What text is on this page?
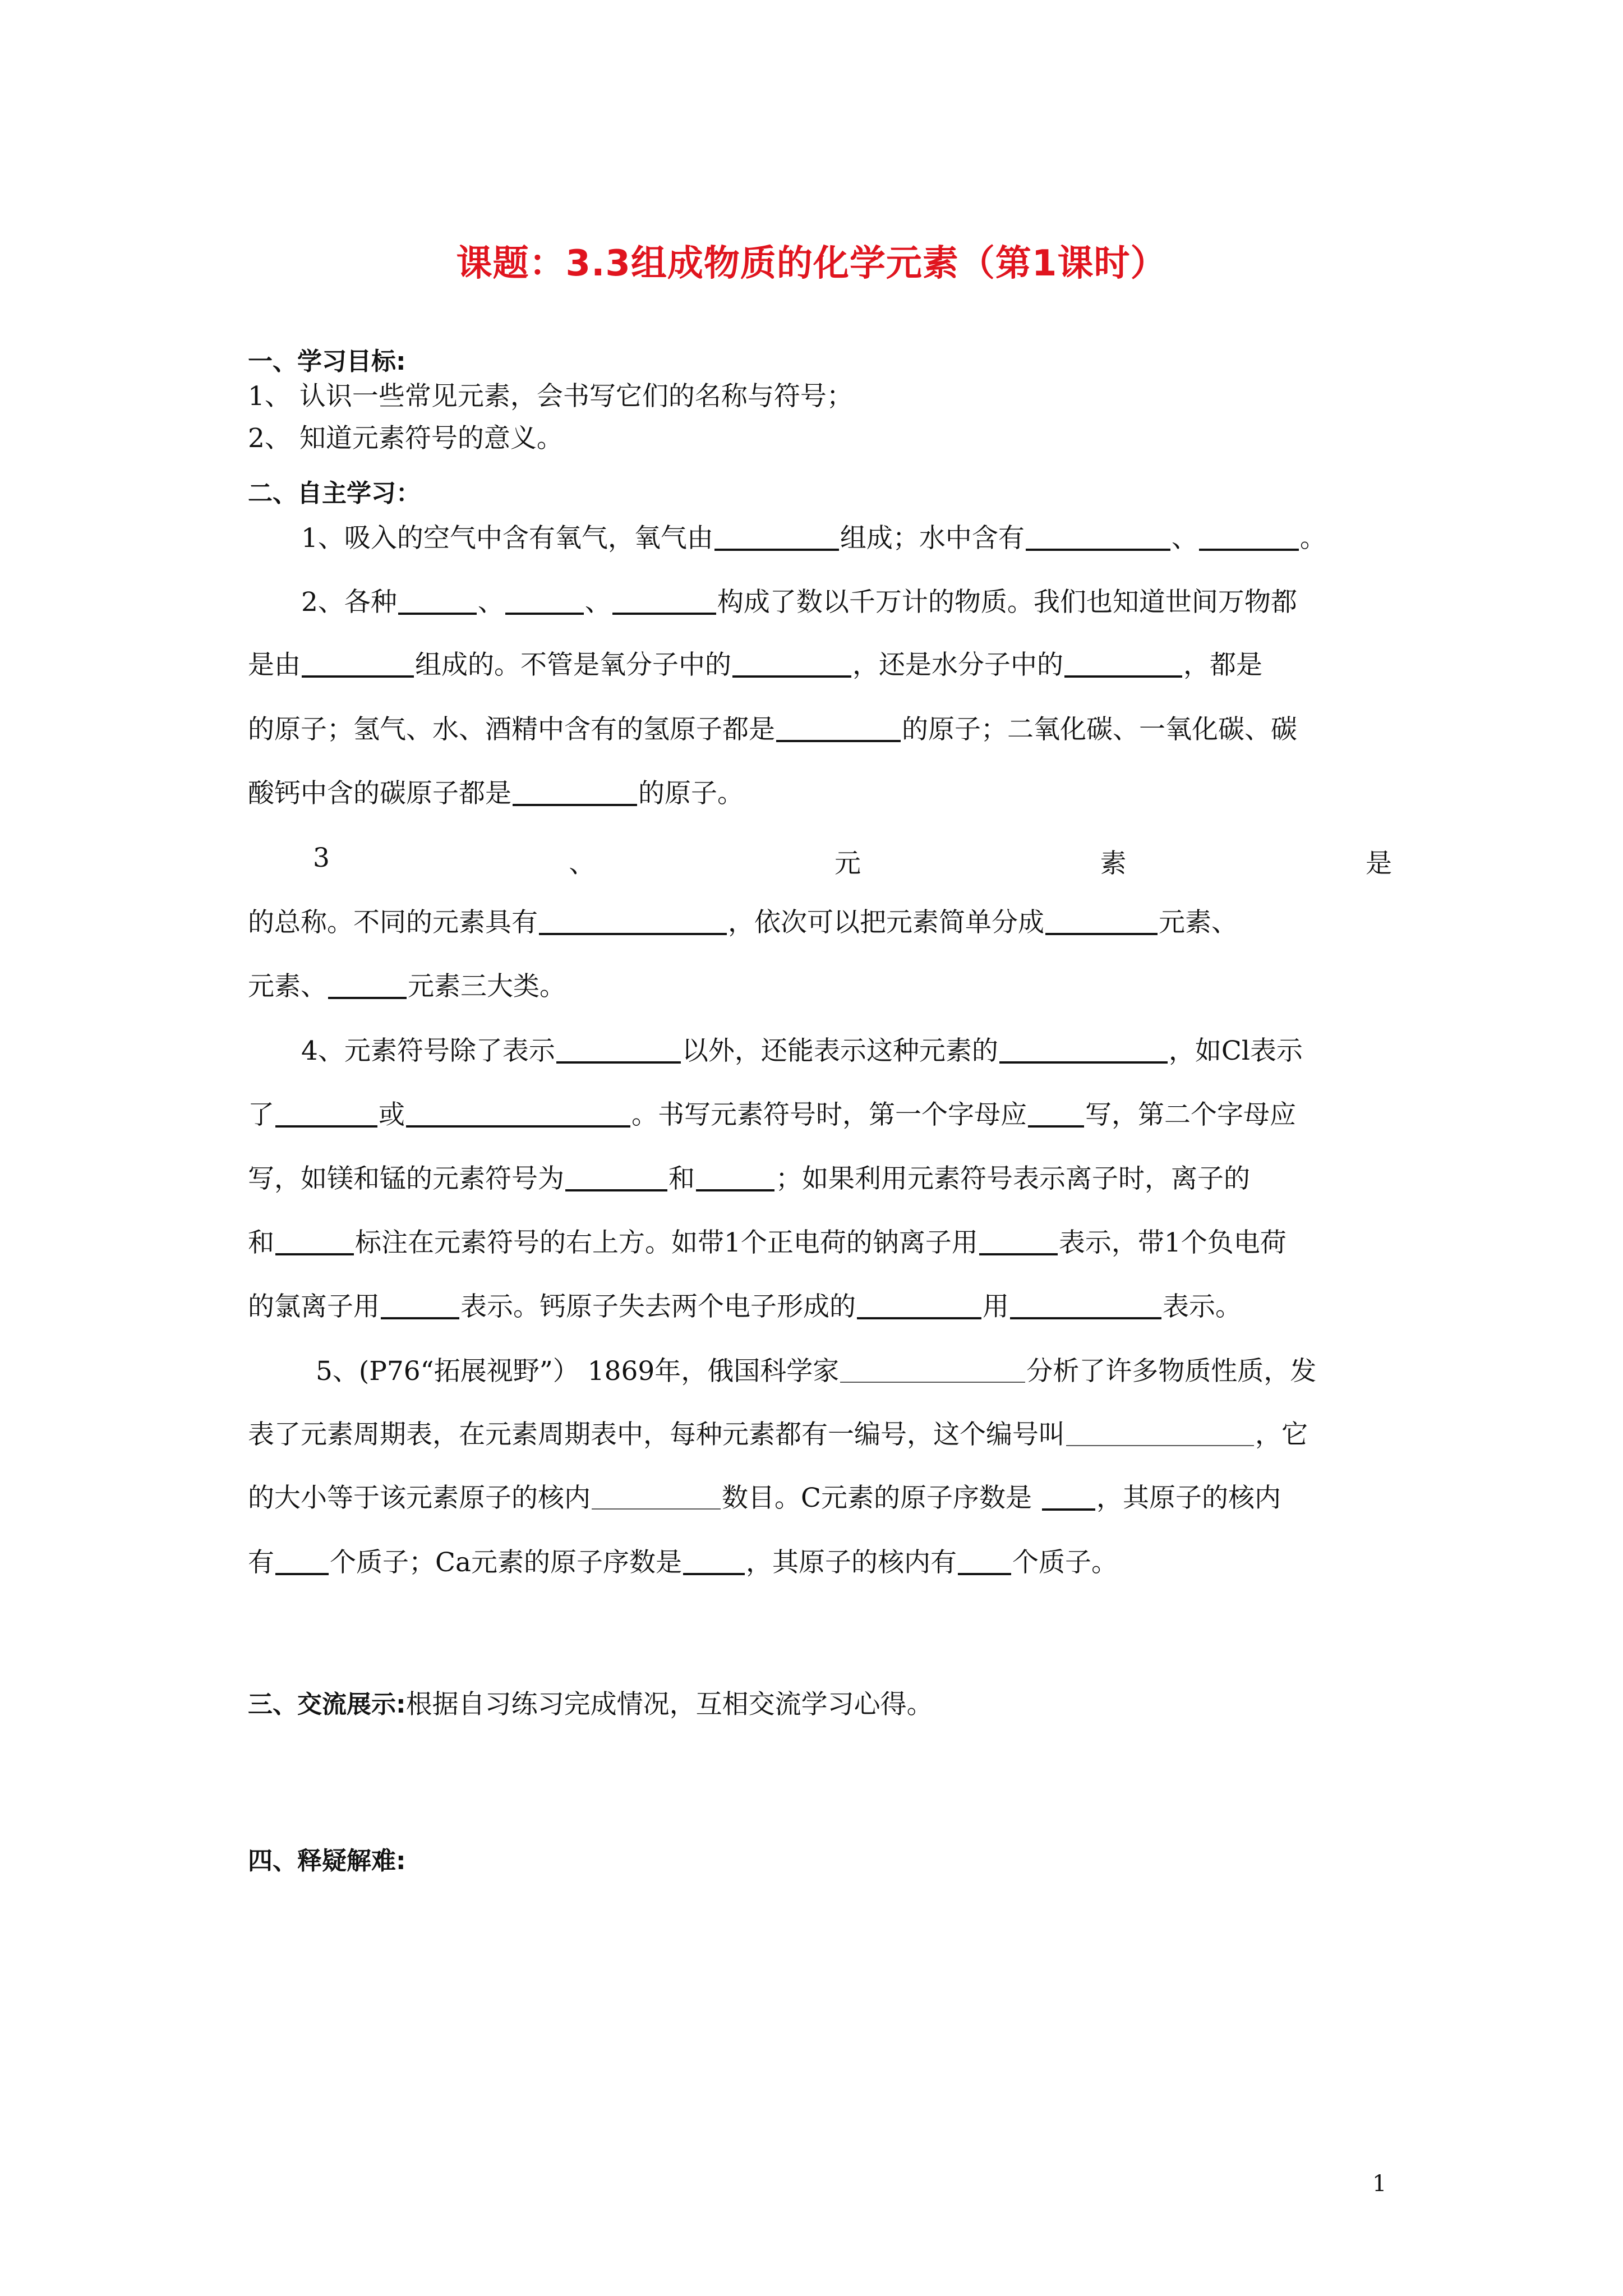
课题：3.3组成物质的化学元素（第1课时）
一、学习目标:
1、 认识一些常见元素，会书写它们的名称与符号；
2、 知道元素符号的意义。
二、自主学习：
1、吸入的空气中含有氧气，氧气由	组成；水中含有	、	。
2、各种	、	、	构成了数以千万计的物质。我们也知道世间万物都
是由	组成的。不管是氧分子中的	，还是水分子中的	，都是
的原子；氢气、水、酒精中含有的氢原子都是	的原子；二氧化碳、一氧化碳、碳
酸钙中含的碳原子都是	的原子。
3	、	元	素	是
的总称。不同的元素具有	，依次可以把元素简单分成	元素、
元素、	元素三大类。
4、元素符号除了表示	以外，还能表示这种元素的	，如Cl表示
了	或	。书写元素符号时，第一个字母应 写，第二个字母应
写，如镁和锰的元素符号为	和	；如果利用元素符号表示离子时，离子的
和	标注在元素符号的右上方。如带1个正电荷的钠离子用	表示，带1个负电荷
的氯离子用	表示。钙原子失去两个电子形成的	用	表示。
5、(P76“拓展视野”） 1869年，俄国科学家	分析了许多物质性质，发
表了元素周期表，在元素周期表中，每种元素都有一编号，这个编号叫	，它
的大小等于该元素原子的核内	数目。C元素的原子序数是 ，其原子的核内
有 个质子；Ca元素的原子序数是 ，其原子的核内有 个质子。
三、交流展示: 根据自习练习完成情况，互相交流学习心得。
四、释疑解难:
1
